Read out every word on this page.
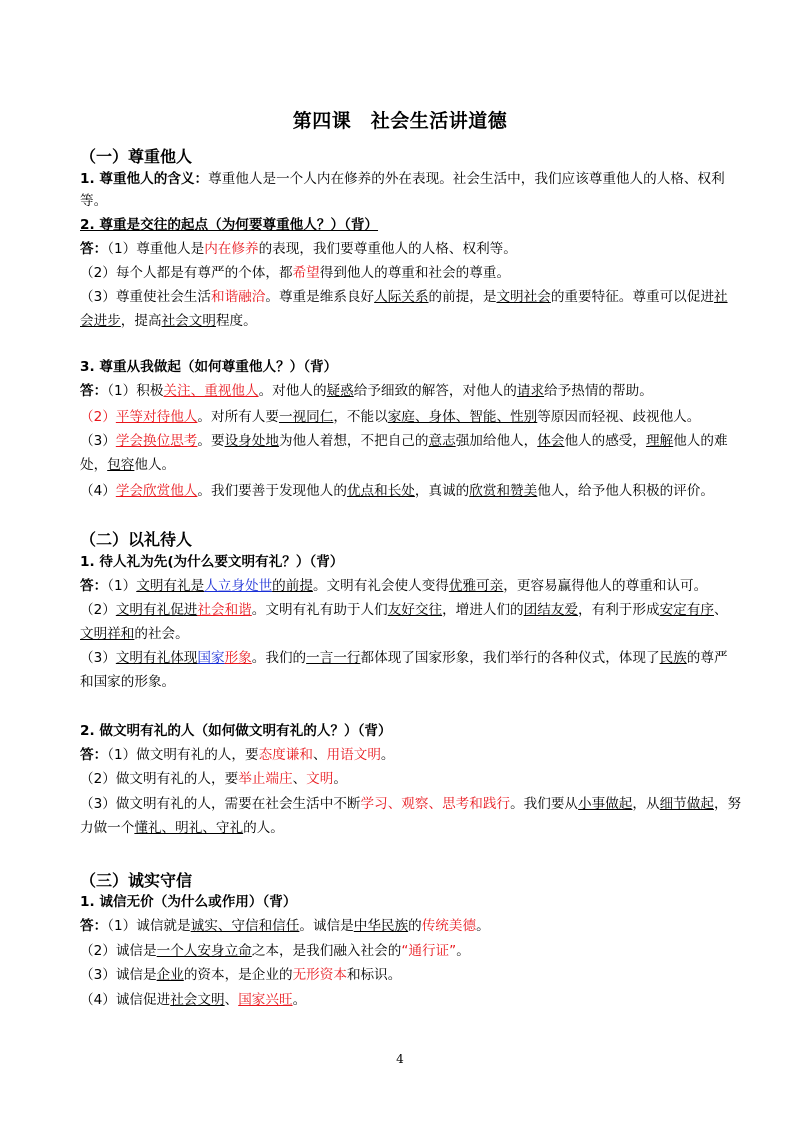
第四课　社会生活讲道德
（一）尊重他人
1. 尊重他人的含义：尊重他人是一个人内在修养的外在表现。社会生活中，我们应该尊重他人的人格、权利
等。
2. 尊重是交往的起点（为何要尊重他人？）（背）
答：（1）尊重他人是内在修养的表现，我们要尊重他人的人格、权利等。
（2）每个人都是有尊严的个体，都希望得到他人的尊重和社会的尊重。
（3）尊重使社会生活和谐融洽。尊重是维系良好人际关系的前提，是文明社会的重要特征。尊重可以促进社
会进步，提高社会文明程度。
3. 尊重从我做起（如何尊重他人？）（背）
答：（1）积极关注、重视他人。对他人的疑惑给予细致的解答，对他人的请求给予热情的帮助。
（2）平等对待他人。对所有人要一视同仁，不能以家庭、身体、智能、性别等原因而轻视、歧视他人。
（3）学会换位思考。要设身处地为他人着想，不把自己的意志强加给他人，体会他人的感受，理解他人的难
处，包容他人。
（4）学会欣赏他人。我们要善于发现他人的优点和长处，真诚的欣赏和赞美他人，给予他人积极的评价。
（二）以礼待人
1. 待人礼为先(为什么要文明有礼？）（背）
答：（1）文明有礼是人立身处世的前提。文明有礼会使人变得优雅可亲，更容易赢得他人的尊重和认可。
（2）文明有礼促进社会和谐。文明有礼有助于人们友好交往，增进人们的团结友爱，有利于形成安定有序、
文明祥和的社会。
（3）文明有礼体现国家形象。我们的一言一行都体现了国家形象，我们举行的各种仪式，体现了民族的尊严
和国家的形象。
2. 做文明有礼的人（如何做文明有礼的人？）（背）
答：（1）做文明有礼的人，要态度谦和、用语文明。
（2）做文明有礼的人，要举止端庄、文明。
（3）做文明有礼的人，需要在社会生活中不断学习、观察、思考和践行。我们要从小事做起，从细节做起，努
力做一个懂礼、明礼、守礼的人。
（三）诚实守信
1. 诚信无价（为什么或作用）（背）
答：（1）诚信就是诚实、守信和信任。诚信是中华民族的传统美德。
（2）诚信是一个人安身立命之本，是我们融入社会的“通行证”。
（3）诚信是企业的资本，是企业的无形资本和标识。
（4）诚信促进社会文明、国家兴旺。
4
